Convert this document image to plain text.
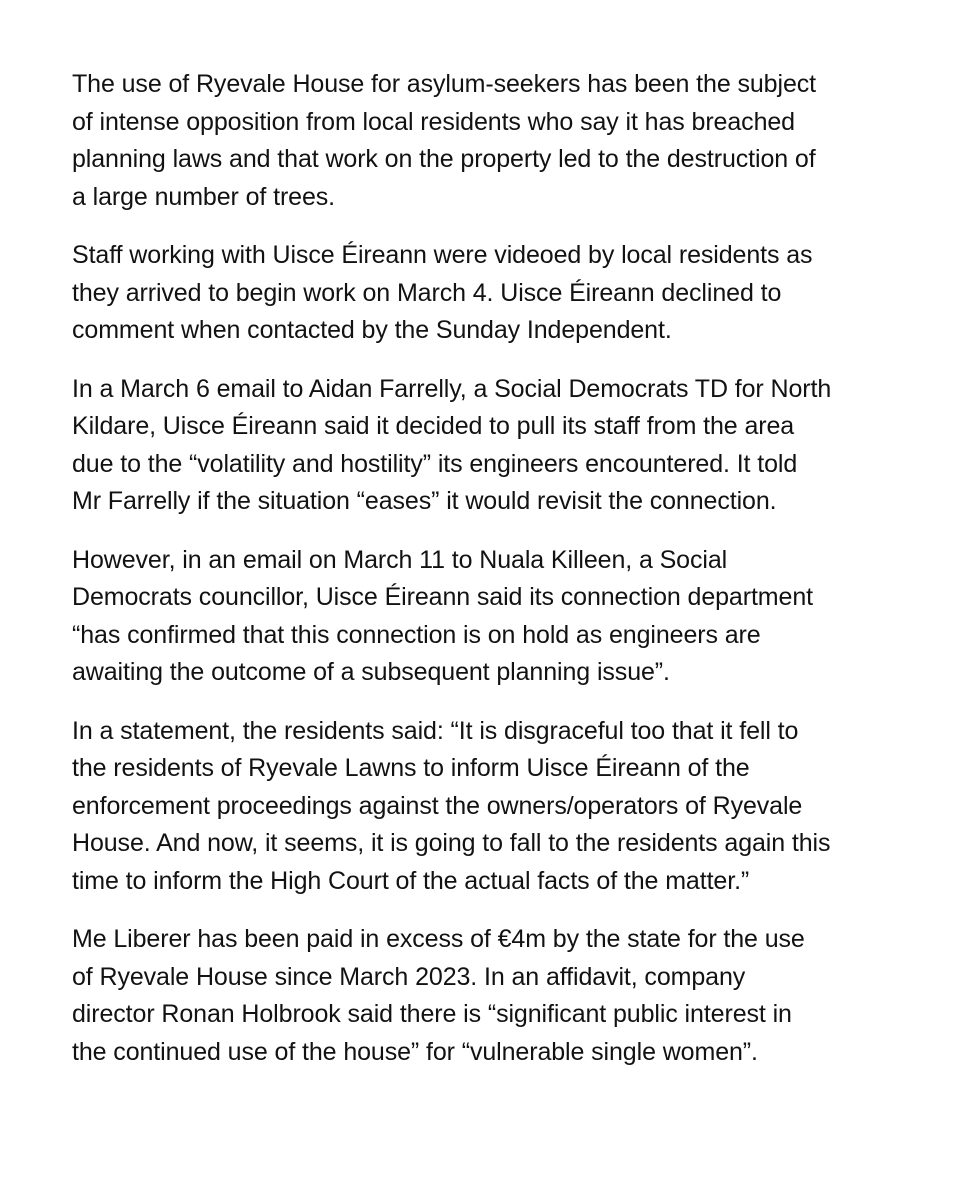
The use of Ryevale House for asylum-seekers has been the subject
of intense opposition from local residents who say it has breached
planning laws and that work on the property led to the destruction of
a large number of trees.

Staff working with Uisce Éireann were videoed by local residents as
they arrived to begin work on March 4. Uisce Éireann declined to
comment when contacted by the Sunday Independent.

In a March 6 email to Aidan Farrelly, a Social Democrats TD for North
Kildare, Uisce Éireann said it decided to pull its staff from the area
due to the “volatility and hostility” its engineers encountered. It told
Mr Farrelly if the situation “eases” it would revisit the connection.

However, in an email on March 11 to Nuala Killeen, a Social
Democrats councillor, Uisce Éireann said its connection department
“has confirmed that this connection is on hold as engineers are
awaiting the outcome of a subsequent planning issue”.

In a statement, the residents said: “It is disgraceful too that it fell to
the residents of Ryevale Lawns to inform Uisce Éireann of the
enforcement proceedings against the owners/operators of Ryevale
House. And now, it seems, it is going to fall to the residents again this
time to inform the High Court of the actual facts of the matter.”

Me Liberer has been paid in excess of €4m by the state for the use
of Ryevale House since March 2023. In an affidavit, company
director Ronan Holbrook said there is “significant public interest in
the continued use of the house” for “vulnerable single women”.
